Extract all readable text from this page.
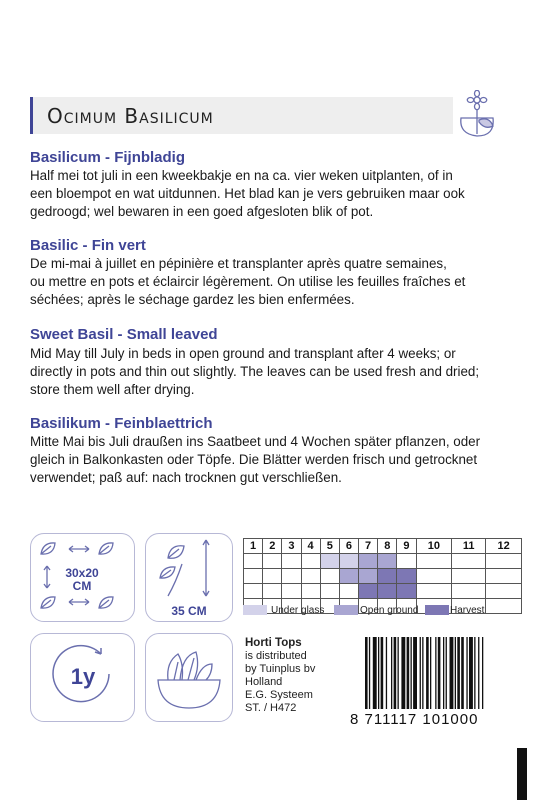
Ocimum Basilicum
Basilicum - Fijnbladig
Half mei tot juli in een kweekbakje en na ca. vier weken uitplanten, of in
een bloempot en wat uitdunnen. Het blad kan je vers gebruiken maar ook
gedroogd; wel bewaren in een goed afgesloten blik of pot.
Basilic - Fin vert
De mi-mai à juillet en pépinière et transplanter après quatre semaines,
ou mettre en pots et éclaircir légèrement. On utilise les feuilles fraîches et
séchées; après le séchage gardez les bien enfermées.
Sweet Basil - Small leaved
Mid May till July in beds in open ground and transplant after 4 weeks; or
directly in pots and thin out slightly. The leaves can be used fresh and dried;
store them well after drying.
Basilikum - Feinblaettrich
Mitte Mai bis Juli draußen ins Saatbeet und 4 Wochen später pflanzen, oder
gleich in Balkonkasten oder Töpfe. Die Blätter werden frisch und getrocknet
verwendet; paß auf: nach trocknen gut verschließen.
30x20
CM
35 CM
1y
1	2	3	4	5	6	7	8	9	10	11	12

Under glass	Open ground	Harvest
Horti Tops
is distributed
by Tuinplus bv
Holland
E.G. Systeem
ST. / H472
8 711117 101000
